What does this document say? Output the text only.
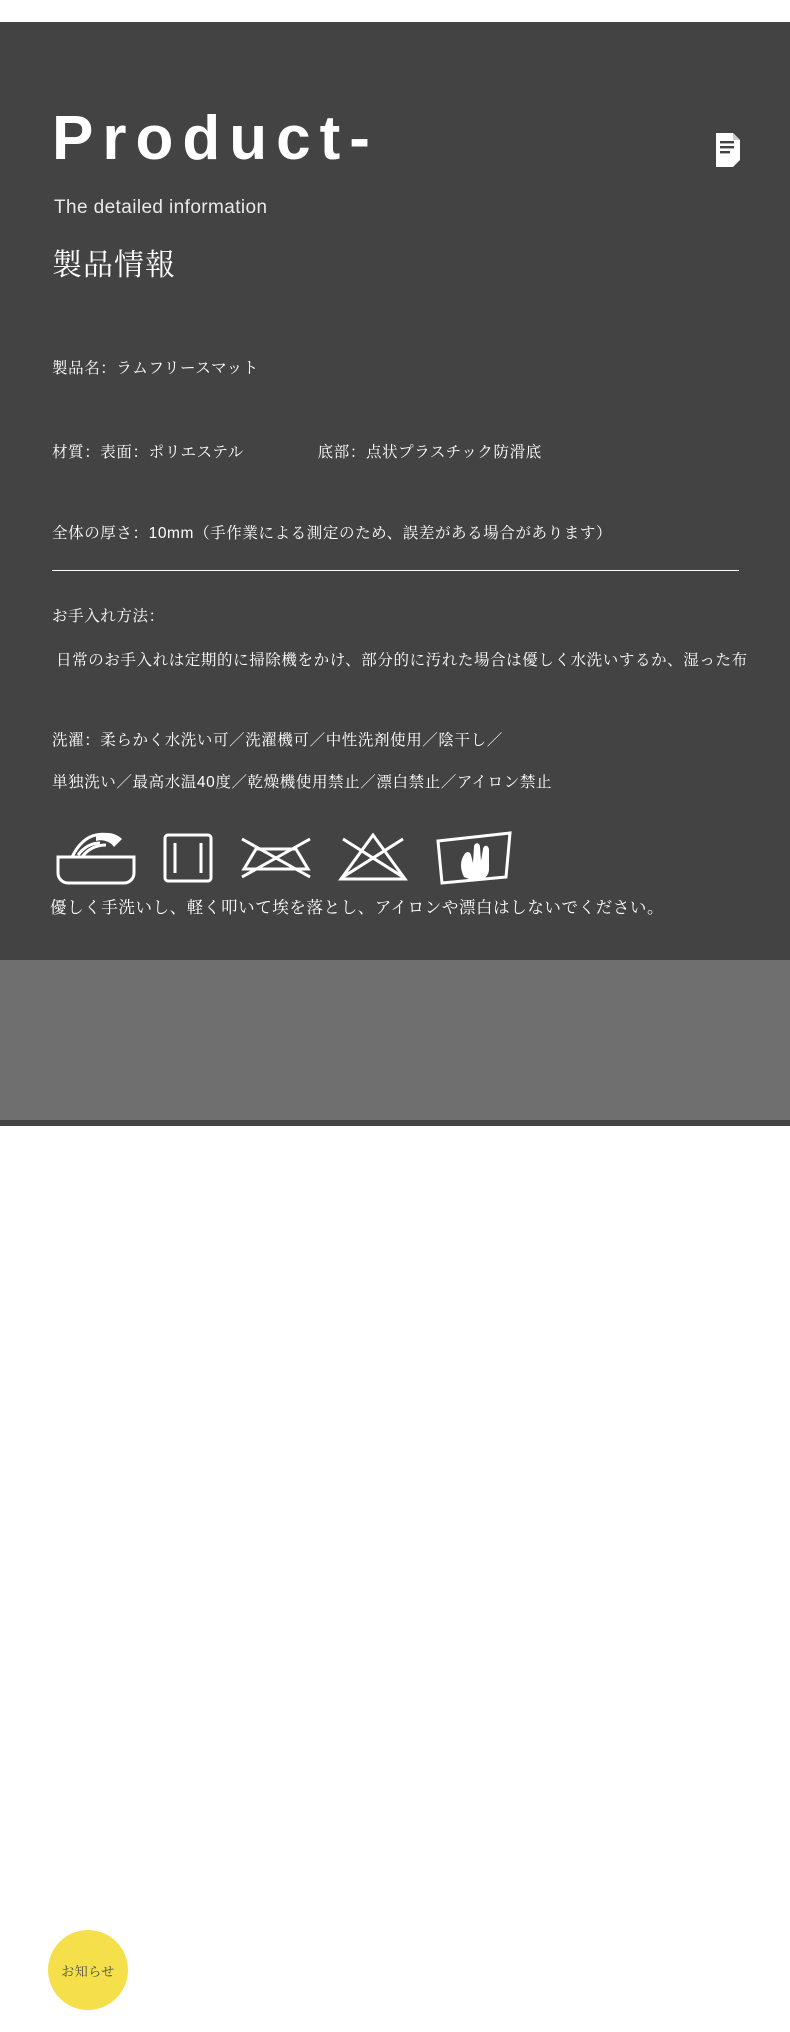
Product-
The detailed information
製品情報
製品名：ラムフリースマット
材質：表面：ポリエステル	底部：点状プラスチック防滑底
全体の厚さ：10mm（手作業による測定のため、誤差がある場合があります）
お手入れ方法：
日常のお手入れは定期的に掃除機をかけ、部分的に汚れた場合は優しく水洗いするか、湿った布
洗濯：柔らかく水洗い可／洗濯機可／中性洗剤使用／陰干し／
単独洗い／最高水温40度／乾燥機使用禁止／漂白禁止／アイロン禁止
優しく手洗いし、軽く叩いて埃を落とし、アイロンや漂白はしないでください。
お知らせ

撮影時の照明やカメラなどの影響で、画像と実際の製品の色に微細な差

異が生じる可能性がありますので、色は実物を基準としてください。

手作業による測定のため、1〜3cmの誤差が生じる場合がありますので、

ご了承ください！
